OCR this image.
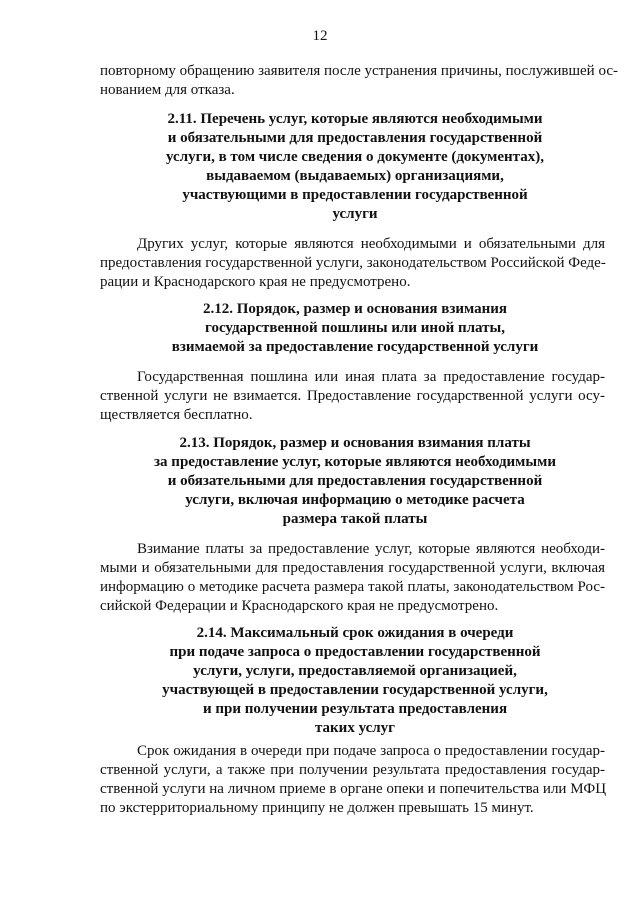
12
повторному обращению заявителя после устранения причины, послужившей ос-
нованием для отказа.
2.11. Перечень услуг, которые являются необходимыми
и обязательными для предоставления государственной
услуги, в том числе сведения о документе (документах),
выдаваемом (выдаваемых) организациями,
участвующими в предоставлении государственной
услуги
Других услуг, которые являются необходимыми и обязательными для
предоставления государственной услуги, законодательством Российской Феде-
рации и Краснодарского края не предусмотрено.
2.12. Порядок, размер и основания взимания
государственной пошлины или иной платы,
взимаемой за предоставление государственной услуги
Государственная пошлина или иная плата за предоставление государ-
ственной услуги не взимается. Предоставление государственной услуги осу-
ществляется бесплатно.
2.13. Порядок, размер и основания взимания платы
за предоставление услуг, которые являются необходимыми
и обязательными для предоставления государственной
услуги, включая информацию о методике расчета
размера такой платы
Взимание платы за предоставление услуг, которые являются необходи-
мыми и обязательными для предоставления государственной услуги, включая
информацию о методике расчета размера такой платы, законодательством Рос-
сийской Федерации и Краснодарского края не предусмотрено.
2.14. Максимальный срок ожидания в очереди
при подаче запроса о предоставлении государственной
услуги, услуги, предоставляемой организацией,
участвующей в предоставлении государственной услуги,
и при получении результата предоставления
таких услуг
Срок ожидания в очереди при подаче запроса о предоставлении государ-
ственной услуги, а также при получении результата предоставления государ-
ственной услуги на личном приеме в органе опеки и попечительства или МФЦ
по экстерриториальному принципу не должен превышать 15 минут.
